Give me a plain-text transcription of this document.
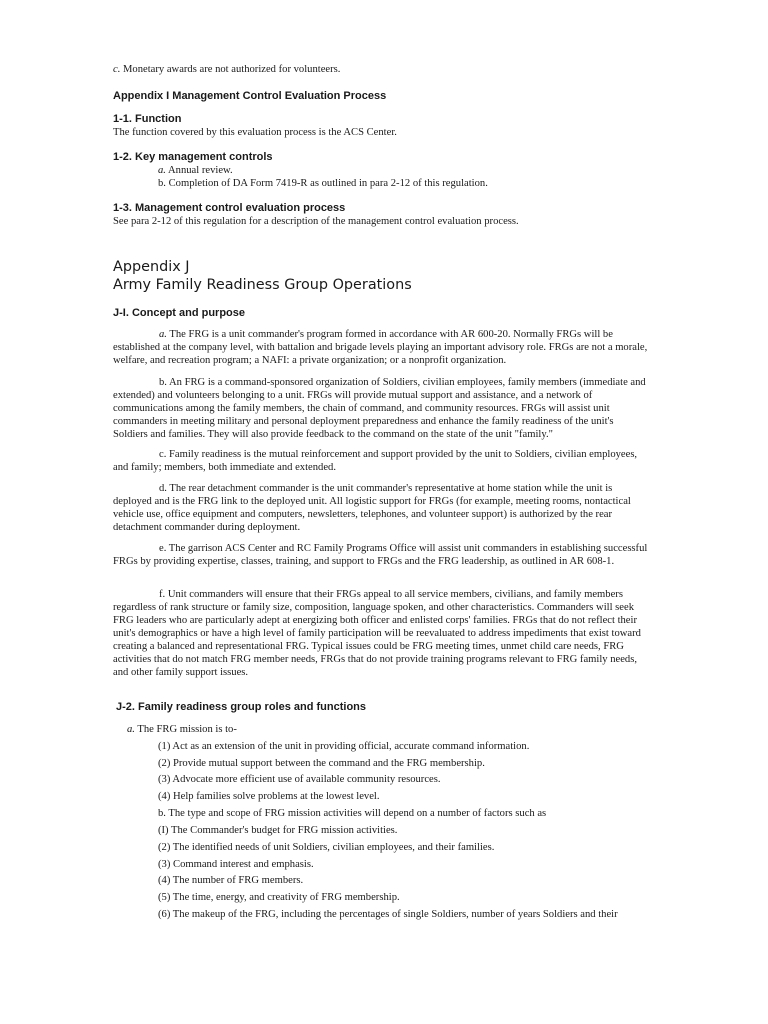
c. Monetary awards are not authorized for volunteers.
Appendix I Management Control Evaluation Process
1-1. Function
The function covered by this evaluation process is the ACS Center.
1-2. Key management controls
a. Annual review.
b. Completion of DA Form 7419-R as outlined in para 2-12 of this regulation.
1-3. Management control evaluation process
See para 2-12 of this regulation for a description of the management control evaluation process.
Appendix J
Army Family Readiness Group Operations
J-I. Concept and purpose
a. The FRG is a unit commander's program formed in accordance with AR 600-20. Normally FRGs will be established at the company level, with battalion and brigade levels playing an important advisory role. FRGs are not a morale, welfare, and recreation program; a NAFI: a private organization; or a nonprofit organization.
b. An FRG is a command-sponsored organization of Soldiers, civilian employees, family members (immediate and extended) and volunteers belonging to a unit. FRGs will provide mutual support and assistance, and a network of communications among the family members, the chain of command, and community resources. FRGs will assist unit commanders in meeting military and personal deployment preparedness and enhance the family readiness of the unit's Soldiers and families. They will also provide feedback to the command on the state of the unit "family."
c. Family readiness is the mutual reinforcement and support provided by the unit to Soldiers, civilian employees, and family; members, both immediate and extended.
d. The rear detachment commander is the unit commander's representative at home station while the unit is deployed and is the FRG link to the deployed unit. All logistic support for FRGs (for example, meeting rooms, nontactical vehicle use, office equipment and computers, newsletters, telephones, and volunteer support) is authorized by the rear detachment commander during deployment.
e. The garrison ACS Center and RC Family Programs Office will assist unit commanders in establishing successful FRGs by providing expertise, classes, training, and support to FRGs and the FRG leadership, as outlined in AR 608-1.
f. Unit commanders will ensure that their FRGs appeal to all service members, civilians, and family members regardless of rank structure or family size, composition, language spoken, and other characteristics. Commanders will seek FRG leaders who are particularly adept at energizing both officer and enlisted corps' families. FRGs that do not reflect their unit's demographics or have a high level of family participation will be reevaluated to address impediments that exist toward creating a balanced and representational FRG. Typical issues could be FRG meeting times, unmet child care needs, FRG activities that do not match FRG member needs, FRGs that do not provide training programs relevant to FRG family needs, and other family support issues.
J-2. Family readiness group roles and functions
a. The FRG mission is to-
(1) Act as an extension of the unit in providing official, accurate command information.
(2) Provide mutual support between the command and the FRG membership.
(3) Advocate more efficient use of available community resources.
(4) Help families solve problems at the lowest level.
b. The type and scope of FRG mission activities will depend on a number of factors such as
(I) The Commander's budget for FRG mission activities.
(2) The identified needs of unit Soldiers, civilian employees, and their families.
(3) Command interest and emphasis.
(4) The number of FRG members.
(5) The time, energy, and creativity of FRG membership.
(6) The makeup of the FRG, including the percentages of single Soldiers, number of years Soldiers and their
